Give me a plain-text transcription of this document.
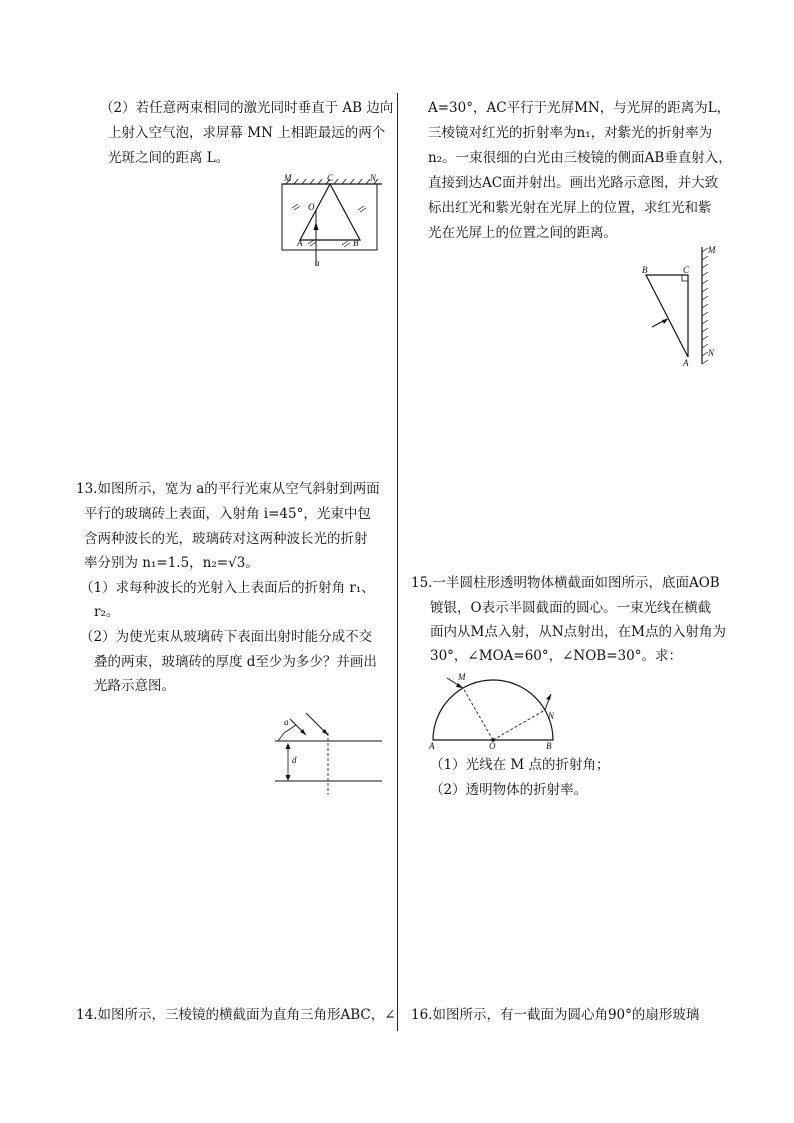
（2）若任意两束相同的激光同时垂直于 AB 边向
上射入空气泡，求屏幕 MN 上相距最远的两个
光斑之间的距离 L。
M	C	N
O
A	B
a
13.如图所示，宽为 a的平行光束从空气斜射到两面
平行的玻璃砖上表面，入射角 i=45°，光束中包
含两种波长的光，玻璃砖对这两种波长光的折射
率分别为 n₁=1.5，n₂=√3。
（1）求每种波长的光射入上表面后的折射角 r₁、
r₂。
（2）为使光束从玻璃砖下表面出射时能分成不交
叠的两束，玻璃砖的厚度 d至少为多少？并画出
光路示意图。
a
d
14.如图所示，三棱镜的横截面为直角三角形ABC，∠
A=30°，AC平行于光屏MN，与光屏的距离为L，
三棱镜对红光的折射率为n₁，对紫光的折射率为
n₂。一束很细的白光由三棱镜的侧面AB垂直射入，
直接到达AC面并射出。画出光路示意图，并大致
标出红光和紫光射在光屏上的位置，求红光和紫
光在光屏上的位置之间的距离。
B	C
A
M
N
15.一半圆柱形透明物体横截面如图所示，底面AOB
镀银，O表示半圆截面的圆心。一束光线在横截
面内从M点入射，从N点射出，在M点的入射角为
30°，∠MOA=60°，∠NOB=30°。求：
M
N
A	O	B
（1）光线在 M 点的折射角；
（2）透明物体的折射率。
16.如图所示，有一截面为圆心角90°的扇形玻璃
